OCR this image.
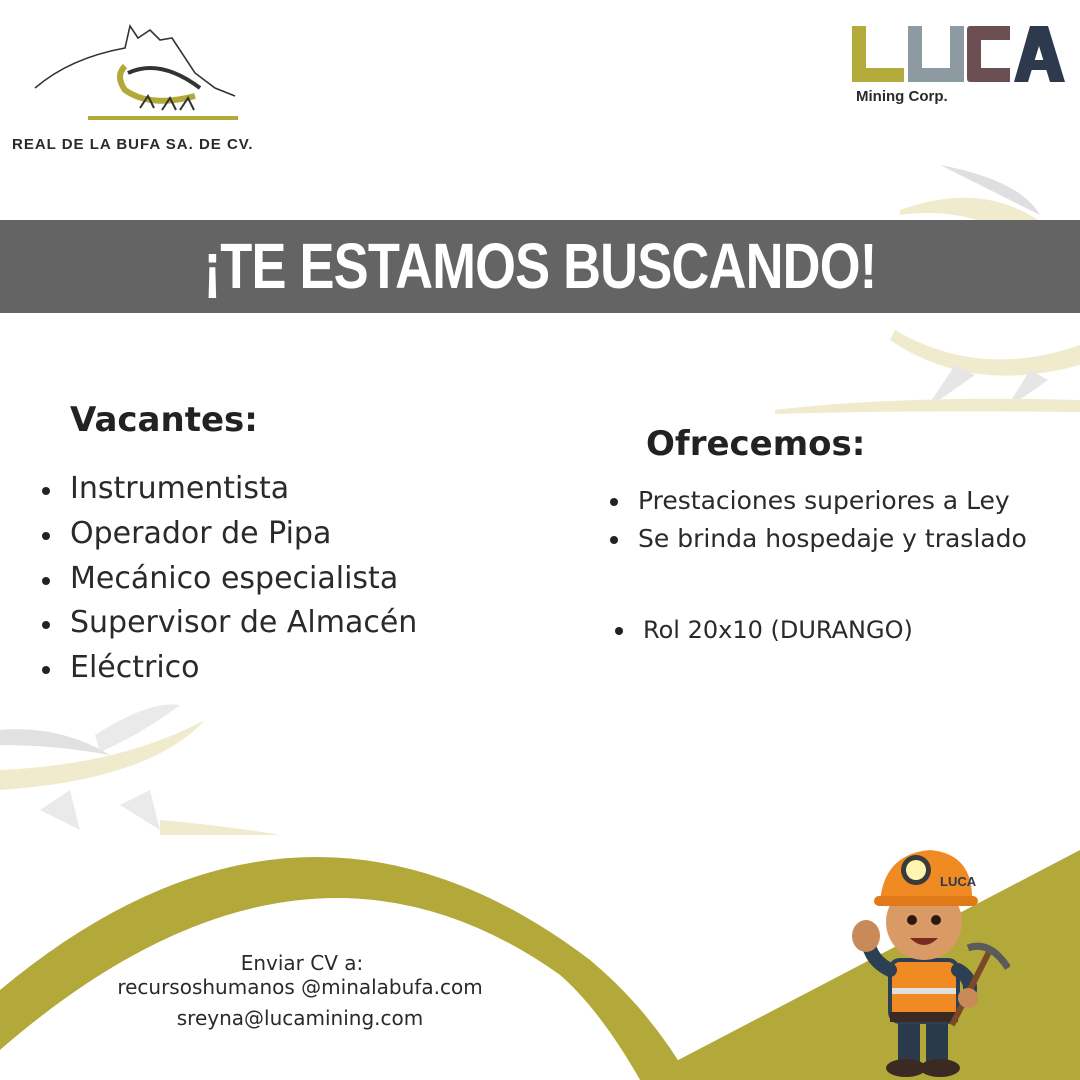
REAL DE LA BUFA SA. DE CV.
Mining Corp.
¡TE ESTAMOS BUSCANDO!
Vacantes:
Instrumentista
Operador de Pipa
Mecánico especialista
Supervisor de Almacén
Eléctrico
Ofrecemos:
Prestaciones superiores a Ley
Se brinda hospedaje y traslado
Rol 20x10 (DURANGO)
Enviar CV a:
recursoshumanos @minalabufa.com
sreyna@lucamining.com
LUCA
